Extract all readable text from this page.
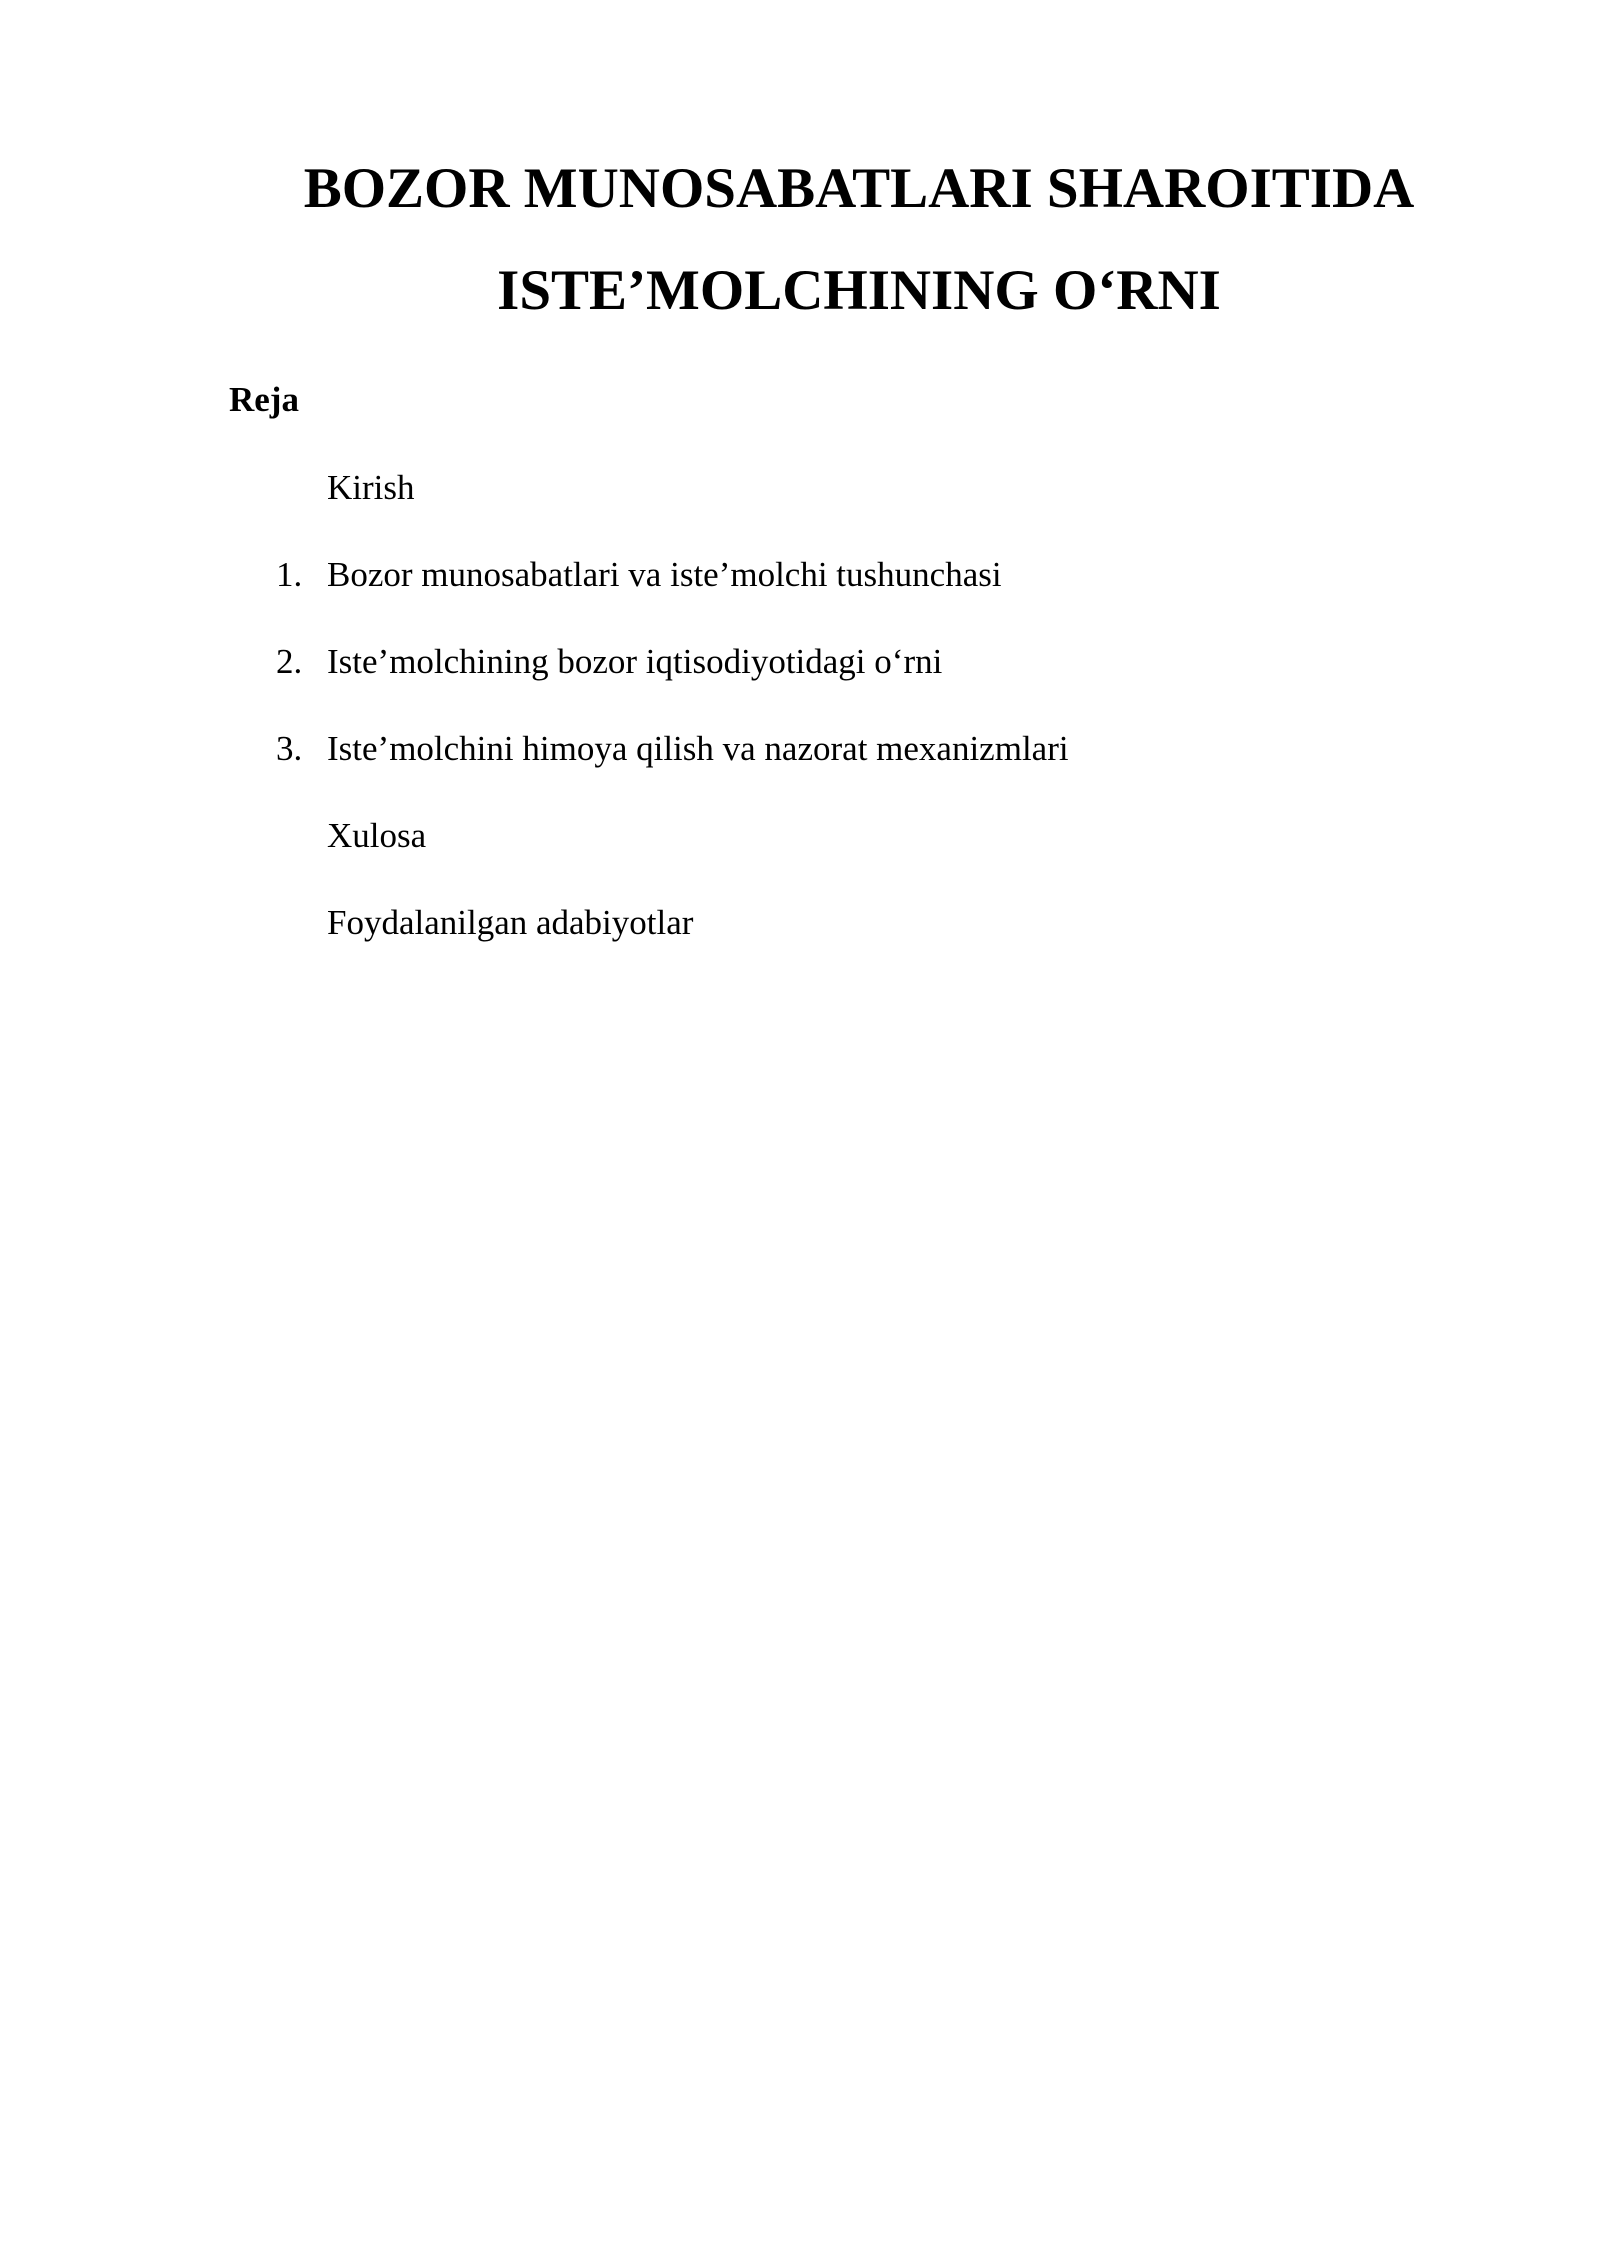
BOZOR MUNOSABATLARI SHAROITIDA
ISTE’MOLCHINING O‘RNI
Reja
Kirish
1. Bozor munosabatlari va iste’molchi tushunchasi
2. Iste’molchining bozor iqtisodiyotidagi o‘rni
3. Iste’molchini himoya qilish va nazorat mexanizmlari
Xulosa
Foydalanilgan adabiyotlar
